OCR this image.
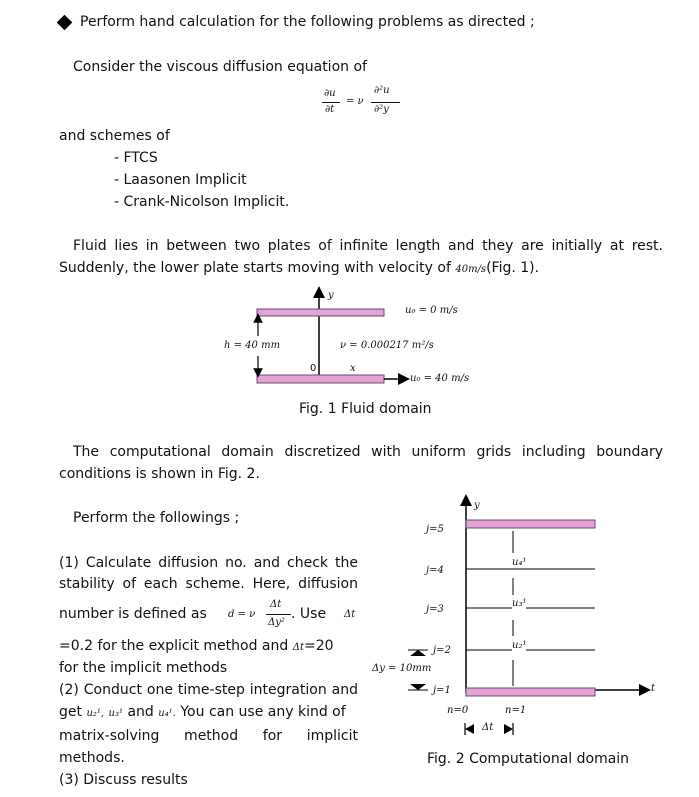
Perform hand calculation for the following problems as directed ;
Consider the viscous diffusion equation of
∂u
∂t
= ν
∂²u
∂²y
and schemes of
- FTCS
- Laasonen Implicit
- Crank-Nicolson Implicit.
Fluid lies in between two plates of infinite length and they are initially at rest.
Suddenly, the lower plate starts moving with velocity of 40m/s(Fig. 1).
y
u₀ = 0 m/s
h = 40 mm	ν = 0.000217 m²/s
0	x
u₀ = 40 m/s
Fig. 1 Fluid domain
The computational domain discretized with uniform grids including boundary
conditions is shown in Fig. 2.
Perform the followings ;
(1) Calculate diffusion no. and check the
stability of each scheme. Here, diffusion
number is defined as d = ν
Δt
Δy²
. Use Δt
=0.2 for the explicit method and Δt=20
for the implicit methods
(2) Conduct one time-step integration and
get u₂¹, u₃¹ and u₄¹. You can use any kind of
matrix-solving method for implicit
methods.
(3) Discuss results
y
j=5
j=4
j=3
j=2
j=1
u₄¹
u₃¹
u₂¹
Δy = 10mm
t
n=0	n=1
Δt
Fig. 2 Computational domain
